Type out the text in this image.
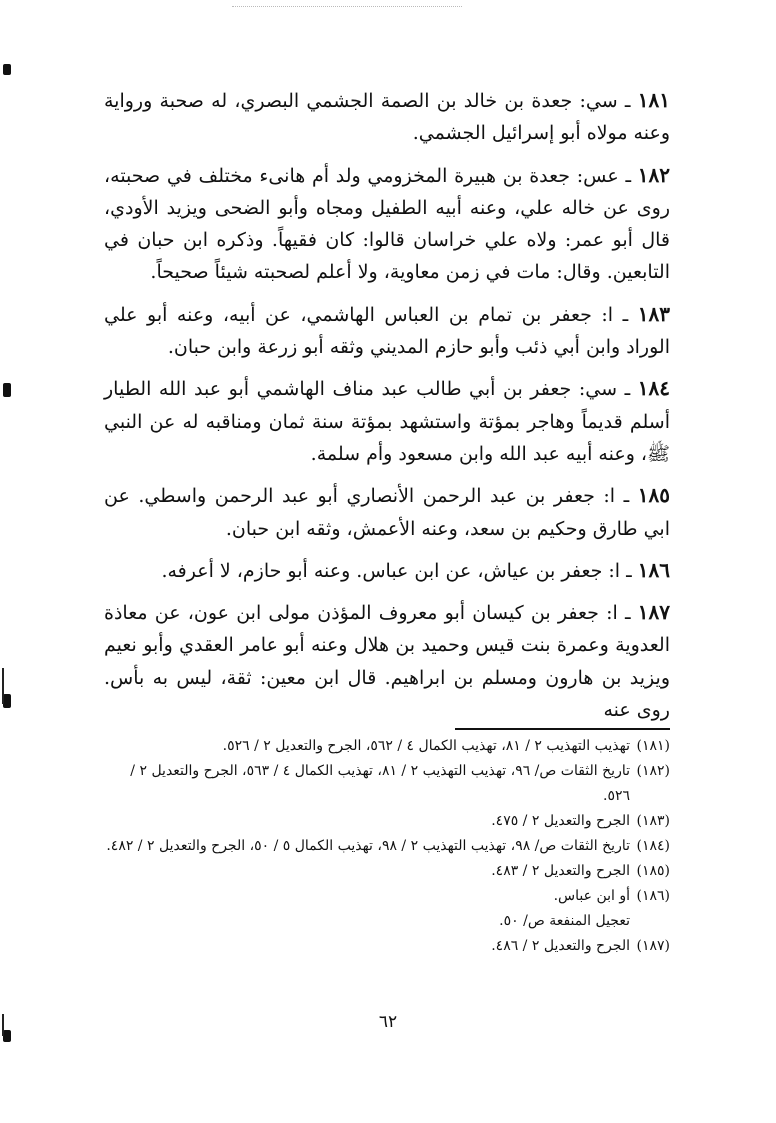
١٨١ ـ سي: جعدة بن خالد بن الصمة الجشمي البصري، له صحبة ورواية وعنه مولاه أبو إسرائيل الجشمي.

١٨٢ ـ عس: جعدة بن هبيرة المخزومي ولد أم هانىء مختلف في صحبته، روى عن خاله علي، وعنه أبيه الطفيل ومجاه وأبو الضحى ويزيد الأودي، قال أبو عمر: ولاه علي خراسان قالوا: كان فقيهاً. وذكره ابن حبان في التابعين. وقال: مات في زمن معاوية، ولا أعلم لصحبته شيئاً صحيحاً.

١٨٣ ـ ا: جعفر بن تمام بن العباس الهاشمي، عن أبيه، وعنه أبو علي الوراد وابن أبي ذئب وأبو حازم المديني وثقه أبو زرعة وابن حبان.

١٨٤ ـ سي: جعفر بن أبي طالب عبد مناف الهاشمي أبو عبد الله الطيار أسلم قديماً وهاجر بمؤتة واستشهد بمؤتة سنة ثمان ومناقبه له عن النبي ﷺ، وعنه أبيه عبد الله وابن مسعود وأم سلمة.

١٨٥ ـ ا: جعفر بن عبد الرحمن الأنصاري أبو عبد الرحمن واسطي. عن ابي طارق وحكيم بن سعد، وعنه الأعمش، وثقه ابن حبان.

١٨٦ ـ ا: جعفر بن عياش، عن ابن عباس. وعنه أبو حازم، لا أعرفه.

١٨٧ ـ ا: جعفر بن كيسان أبو معروف المؤذن مولى ابن عون، عن معاذة العدوية وعمرة بنت قيس وحميد بن هلال وعنه أبو عامر العقدي وأبو نعيم ويزيد بن هارون ومسلم بن ابراهيم. قال ابن معين: ثقة، ليس به بأس. روى عنه

(١٨١)
تهذيب التهذيب ٢ / ٨١، تهذيب الكمال ٤ / ٥٦٢، الجرح والتعديل ٢ / ٥٢٦.
(١٨٢)
تاريخ الثقات ص/ ٩٦، تهذيب التهذيب ٢ / ٨١، تهذيب الكمال ٤ / ٥٦٣، الجرح والتعديل ٢ / ٥٢٦.
(١٨٣)
الجرح والتعديل ٢ / ٤٧٥.
(١٨٤)
تاريخ الثقات ص/ ٩٨، تهذيب التهذيب ٢ / ٩٨، تهذيب الكمال ٥ / ٥٠، الجرح والتعديل ٢ / ٤٨٢.
(١٨٥)
الجرح والتعديل ٢ / ٤٨٣.
(١٨٦)
أو ابن عباس.
تعجيل المنفعة ص/ ٥٠.
(١٨٧)
الجرح والتعديل ٢ / ٤٨٦.
٦٢
